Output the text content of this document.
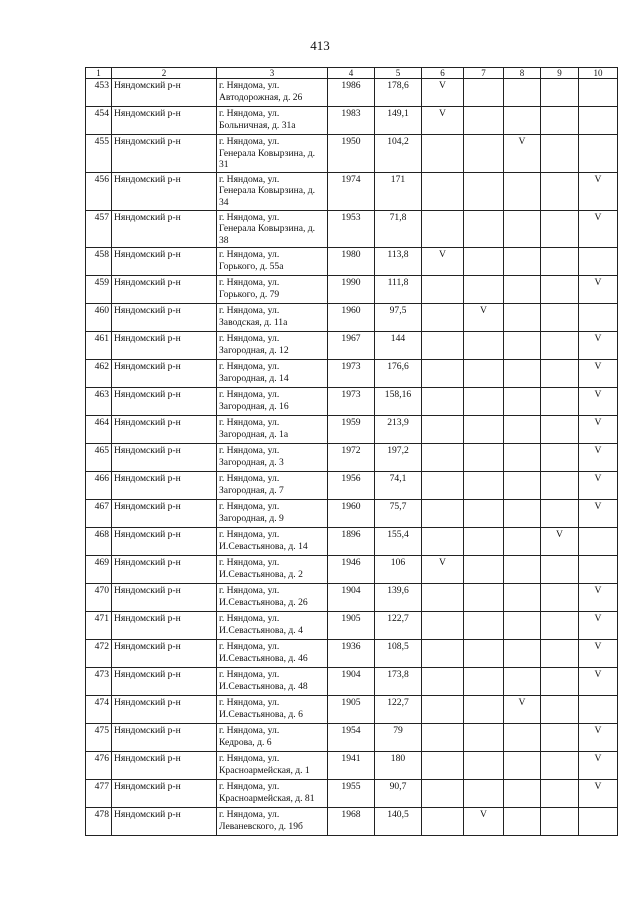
413
1	2	3	4	5	6	7	8	9	10
453	Няндомский р-н	г. Няндома, ул.
Автодорожная, д. 26	1986	178,6	V				
454	Няндомский р-н	г. Няндома, ул.
Больничная, д. 31а	1983	149,1	V				
455	Няндомский р-н	г. Няндома, ул.
Генерала Ковырзина, д. 31	1950	104,2			V		
456	Няндомский р-н	г. Няндома, ул.
Генерала Ковырзина, д. 34	1974	171					V
457	Няндомский р-н	г. Няндома, ул.
Генерала Ковырзина, д. 38	1953	71,8					V
458	Няндомский р-н	г. Няндома, ул.
Горького, д. 55а	1980	113,8	V				
459	Няндомский р-н	г. Няндома, ул.
Горького, д. 79	1990	111,8					V
460	Няндомский р-н	г. Няндома, ул.
Заводская, д. 11а	1960	97,5		V			
461	Няндомский р-н	г. Няндома, ул.
Загородная, д. 12	1967	144					V
462	Няндомский р-н	г. Няндома, ул.
Загородная, д. 14	1973	176,6					V
463	Няндомский р-н	г. Няндома, ул.
Загородная, д. 16	1973	158,16					V
464	Няндомский р-н	г. Няндома, ул.
Загородная, д. 1а	1959	213,9					V
465	Няндомский р-н	г. Няндома, ул.
Загородная, д. 3	1972	197,2					V
466	Няндомский р-н	г. Няндома, ул.
Загородная, д. 7	1956	74,1					V
467	Няндомский р-н	г. Няндома, ул.
Загородная, д. 9	1960	75,7					V
468	Няндомский р-н	г. Няндома, ул.
И.Севастьянова, д. 14	1896	155,4				V	
469	Няндомский р-н	г. Няндома, ул.
И.Севастьянова, д. 2	1946	106	V				
470	Няндомский р-н	г. Няндома, ул.
И.Севастьянова, д. 26	1904	139,6					V
471	Няндомский р-н	г. Няндома, ул.
И.Севастьянова, д. 4	1905	122,7					V
472	Няндомский р-н	г. Няндома, ул.
И.Севастьянова, д. 46	1936	108,5					V
473	Няндомский р-н	г. Няндома, ул.
И.Севастьянова, д. 48	1904	173,8					V
474	Няндомский р-н	г. Няндома, ул.
И.Севастьянова, д. 6	1905	122,7			V		
475	Няндомский р-н	г. Няндома, ул.
Кедрова, д. 6	1954	79					V
476	Няндомский р-н	г. Няндома, ул.
Красноармейская, д. 1	1941	180					V
477	Няндомский р-н	г. Няндома, ул.
Красноармейская, д. 81	1955	90,7					V
478	Няндомский р-н	г. Няндома, ул.
Леваневского, д. 19б	1968	140,5		V			
